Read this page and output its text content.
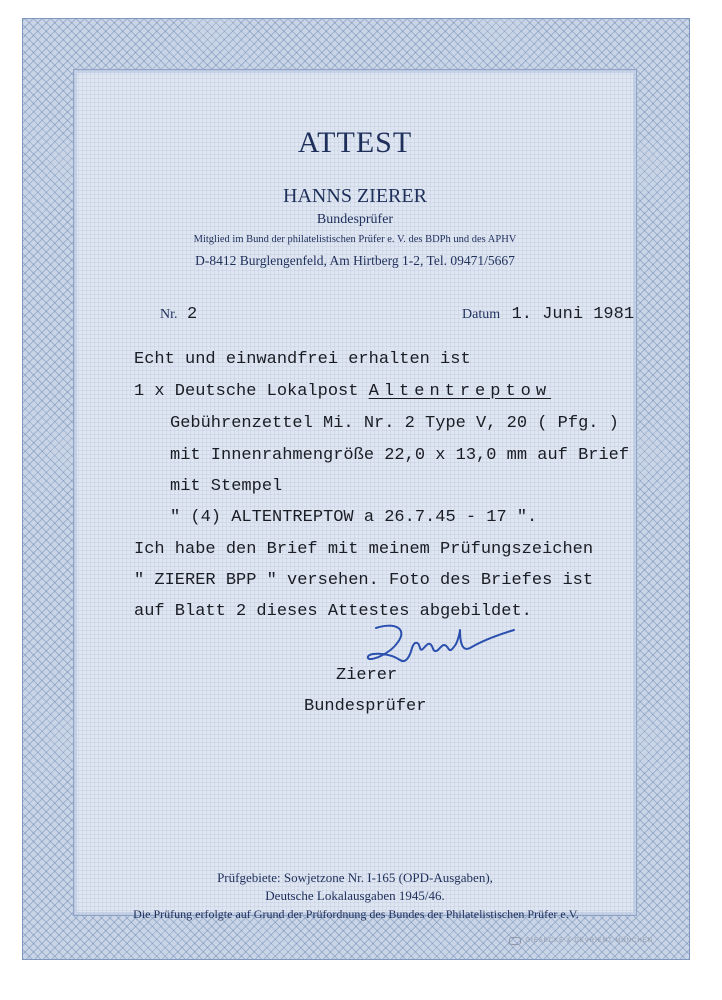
ATTEST
HANNS ZIERER
Bundesprüfer
Mitglied im Bund der philatelistischen Prüfer e. V. des BDPh und des APHV
D-8412 Burglengenfeld, Am Hirtberg 1-2, Tel. 09471/5667
Nr. 2	Datum 1. Juni 1981
Echt und einwandfrei erhalten ist
1 x Deutsche Lokalpost Altentreptow
Gebührenzettel Mi. Nr. 2 Type V, 20 ( Pfg. )
mit Innenrahmengröße 22,0 x 13,0 mm auf Brief
mit Stempel
" (4) ALTENTREPTOW a 26.7.45 - 17 ".
Ich habe den Brief mit meinem Prüfungszeichen
" ZIERER BPP " versehen. Foto des Briefes ist
auf Blatt 2 dieses Attestes abgebildet.
Zierer
Bundesprüfer
Prüfgebiete: Sowjetzone Nr. I-165 (OPD-Ausgaben),
Deutsche Lokalausgaben 1945/46.
Die Prüfung erfolgte auf Grund der Prüfordnung des Bundes der Philatelistischen Prüfer e.V.
GIESECKE & DEVRIENT MÜNCHEN
